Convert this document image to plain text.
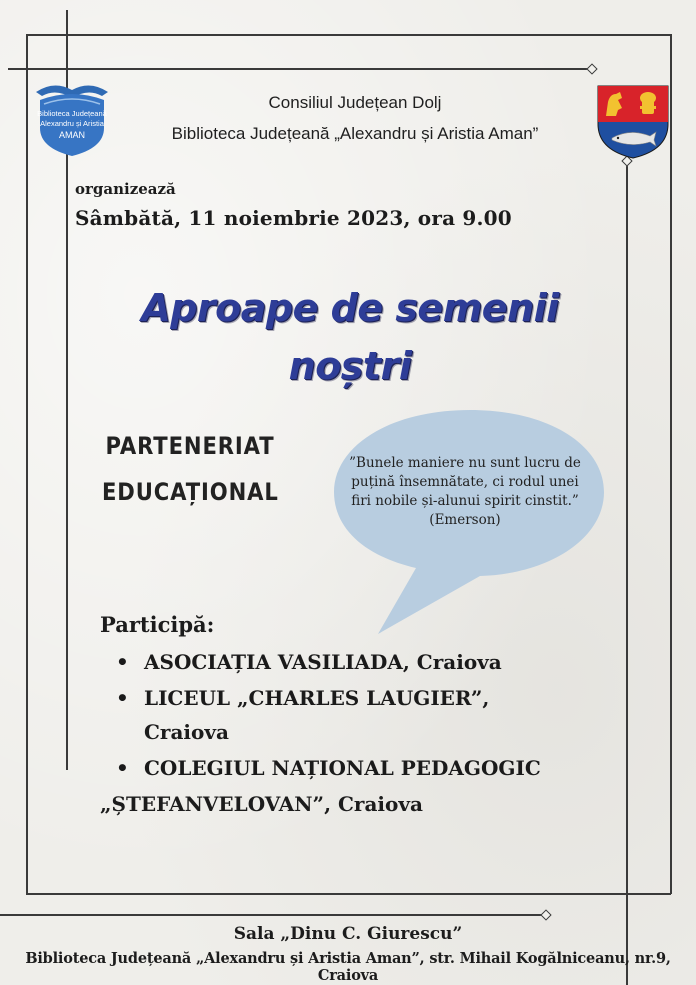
Biblioteca Județeană
Alexandru și Aristia
AMAN
Consiliul Județean Dolj
Biblioteca Județeană „Alexandru și Aristia Aman”
organizează
Sâmbătă, 11 noiembrie 2023, ora 9.00
Aproape de semenii
noștri
PARTENERIAT
EDUCAȚIONAL
”Bunele maniere nu sunt lucru de
puțină însemnătate, ci rodul unei
firi nobile și-alunui spirit cinstit.”
(Emerson)
Participă:
• ASOCIAȚIA VASILIADA, Craiova
• LICEUL „CHARLES LAUGIER”,
Craiova
• COLEGIUL NAȚIONAL PEDAGOGIC
„ȘTEFANVELOVAN”, Craiova
Sala „Dinu C. Giurescu”
Biblioteca Județeană „Alexandru și Aristia Aman”, str. Mihail Kogălniceanu, nr.9, Craiova
